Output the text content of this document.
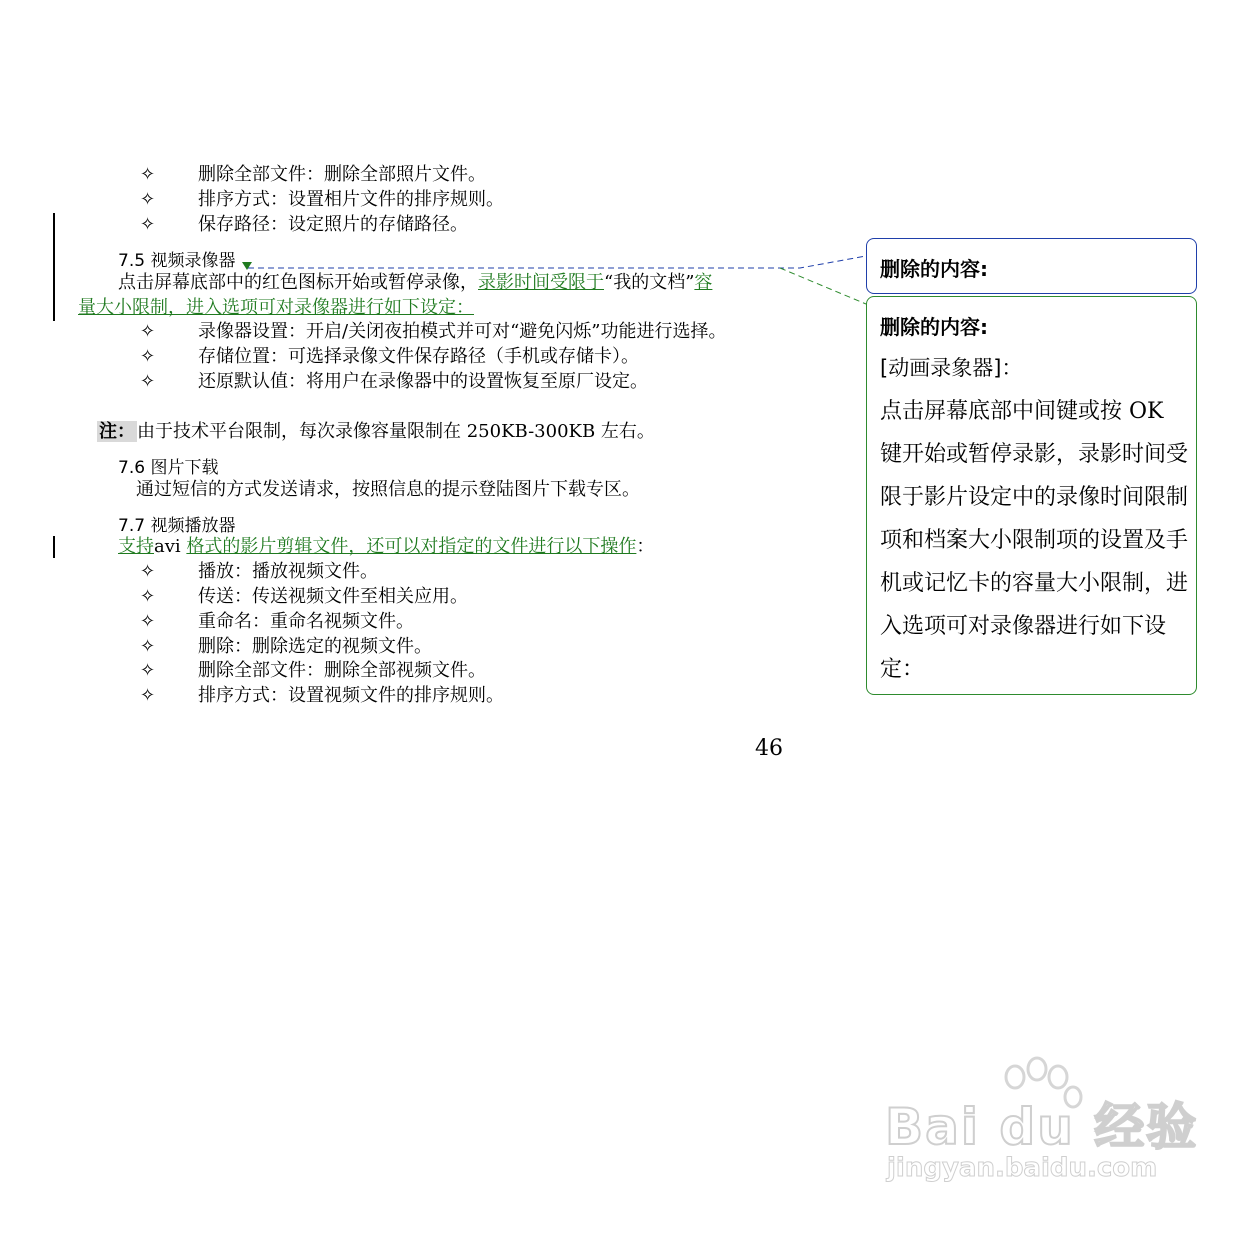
✧ 删除全部文件：删除全部照片文件。
✧ 排序方式：设置相片文件的排序规则。
✧ 保存路径：设定照片的存储路径。
7.5 视频录像器
点击屏幕底部中的红色图标开始或暂停录像，录影时间受限于“我的文档”容
量大小限制，进入选项可对录像器进行如下设定：
✧ 录像器设置：开启/关闭夜拍模式并可对“避免闪烁”功能进行选择。
✧ 存储位置：可选择录像文件保存路径（手机或存储卡）。
✧ 还原默认值：将用户在录像器中的设置恢复至原厂设定。
注： 由于技术平台限制，每次录像容量限制在 250KB-300KB 左右。
7.6 图片下载
通过短信的方式发送请求，按照信息的提示登陆图片下载专区。
7.7 视频播放器
支持avi 格式的影片剪辑文件，还可以对指定的文件进行以下操作：
✧ 播放：播放视频文件。
✧ 传送：传送视频文件至相关应用。
✧ 重命名：重命名视频文件。
✧ 删除：删除选定的视频文件。
✧ 删除全部文件：删除全部视频文件。
✧ 排序方式：设置视频文件的排序规则。
46
删除的内容:
删除的内容:
[动画录象器]：
点击屏幕底部中间键或按 OK 键开始或暂停录影，录影时间受限于影片设定中的录像时间限制项和档案大小限制项的设置及手机或记忆卡的容量大小限制，进入选项可对录像器进行如下设定：
Bai du 经验
jingyan.baidu.com
